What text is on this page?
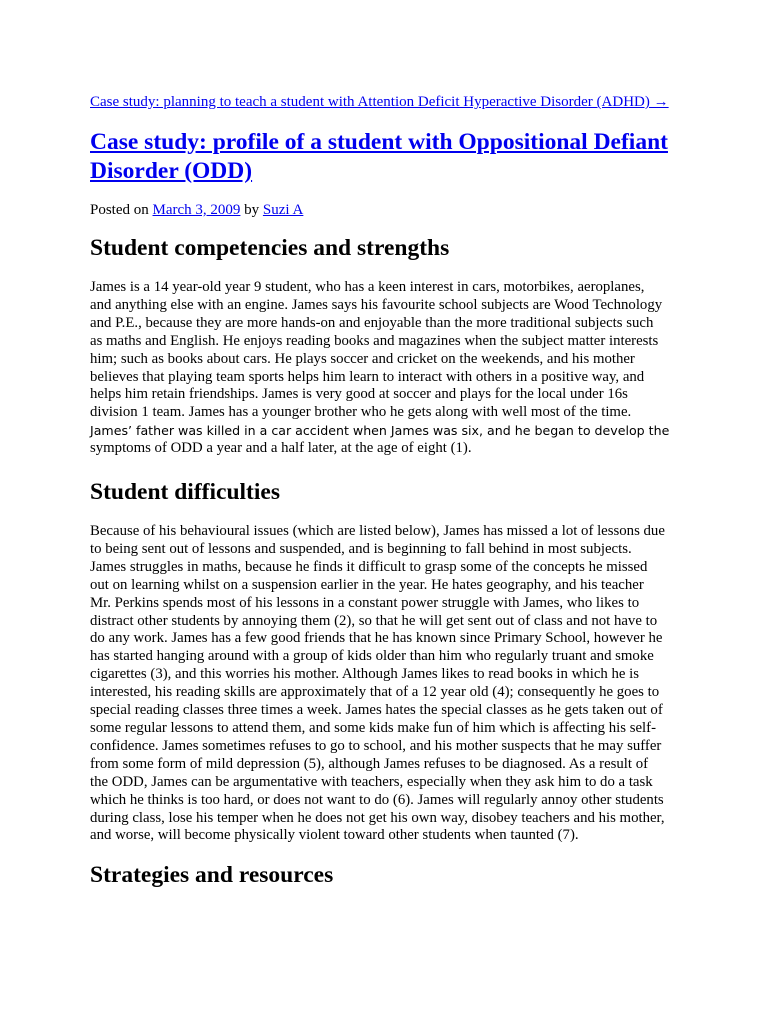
Case study: planning to teach a student with Attention Deficit Hyperactive Disorder (ADHD) →
Case study: profile of a student with Oppositional Defiant
Disorder (ODD)
Posted on March 3, 2009 by Suzi A
Student competencies and strengths

James is a 14 year-old year 9 student, who has a keen interest in cars, motorbikes, aeroplanes,
and anything else with an engine. James says his favourite school subjects are Wood Technology
and P.E., because they are more hands-on and enjoyable than the more traditional subjects such
as maths and English. He enjoys reading books and magazines when the subject matter interests
him; such as books about cars. He plays soccer and cricket on the weekends, and his mother
believes that playing team sports helps him learn to interact with others in a positive way, and
helps him retain friendships. James is very good at soccer and plays for the local under 16s
division 1 team. James has a younger brother who he gets along with well most of the time.
James’ father was killed in a car accident when James was six, and he began to develop the
symptoms of ODD a year and a half later, at the age of eight (1).

Student difficulties

Because of his behavioural issues (which are listed below), James has missed a lot of lessons due
to being sent out of lessons and suspended, and is beginning to fall behind in most subjects.
James struggles in maths, because he finds it difficult to grasp some of the concepts he missed
out on learning whilst on a suspension earlier in the year. He hates geography, and his teacher
Mr. Perkins spends most of his lessons in a constant power struggle with James, who likes to
distract other students by annoying them (2), so that he will get sent out of class and not have to
do any work. James has a few good friends that he has known since Primary School, however he
has started hanging around with a group of kids older than him who regularly truant and smoke
cigarettes (3), and this worries his mother. Although James likes to read books in which he is
interested, his reading skills are approximately that of a 12 year old (4); consequently he goes to
special reading classes three times a week. James hates the special classes as he gets taken out of
some regular lessons to attend them, and some kids make fun of him which is affecting his self-
confidence. James sometimes refuses to go to school, and his mother suspects that he may suffer
from some form of mild depression (5), although James refuses to be diagnosed. As a result of
the ODD, James can be argumentative with teachers, especially when they ask him to do a task
which he thinks is too hard, or does not want to do (6). James will regularly annoy other students
during class, lose his temper when he does not get his own way, disobey teachers and his mother,
and worse, will become physically violent toward other students when taunted (7).

Strategies and resources
